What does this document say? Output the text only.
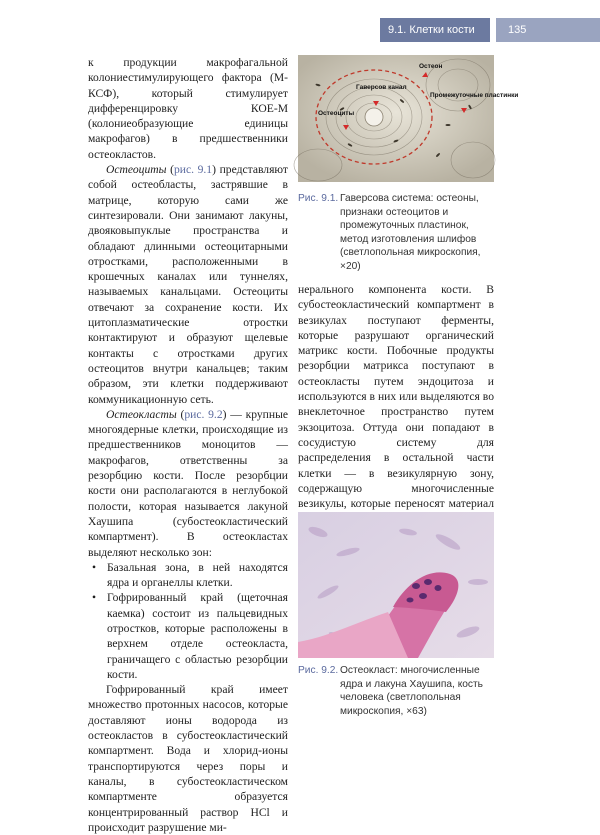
9.1. Клетки кости	135

к продукции макрофагальной колониестимулирующего фактора (М-КСФ), который стимулирует дифференцировку КОЕ-М (колониеобразующие единицы макрофагов) в предшественники остеокластов.

Остеоциты (рис. 9.1) представляют собой остеобласты, застрявшие в матрице, которую сами же синтезировали. Они занимают лакуны, двояковыпуклые пространства и обладают длинными остеоцитарными отростками, расположенными в крошечных каналах или туннелях, называемых канальцами. Остеоциты отвечают за сохранение кости. Их цитоплазматические отростки контактируют и образуют щелевые контакты с отростками других остеоцитов внутри канальцев; таким образом, эти клетки поддерживают коммуникационную сеть.

Остеокласты (рис. 9.2) — крупные многоядерные клетки, происходящие из предшественников моноцитов — макрофагов, ответственны за резорбцию кости. После резорбции кости они располагаются в неглубокой полости, которая называется лакуной Хаушипа (субостеокластический компартмент). В остеокластах выделяют несколько зон:

• Базальная зона, в ней находятся ядра и органеллы клетки.
• Гофрированный край (щеточная каемка) состоит из пальцевидных отростков, которые расположены в верхнем отделе остеокласта, граничащего с областью резорбции кости.

Гофрированный край имеет множество протонных насосов, которые доставляют ионы водорода из остеокластов в субостеокластический компартмент. Вода и хлорид-ионы транспортируются через поры и каналы, в субостеокластическом компартменте образуется концентрированный раствор HCl и происходит разрушение ми-

Остеон
Гаверсов канал
Промежуточные пластинки
Остеоциты
Рис. 9.1. Гаверсова система: остеоны, признаки остеоцитов и промежуточных пластинок, метод изготовления шлифов (светлопольная микроскопия, ×20)

нерального компонента кости. В субостеокластический компартмент в везикулах поступают ферменты, которые разрушают органический матрикс кости. Побочные продукты резорбции матрикса поступают в остеокласты путем эндоцитоза и используются в них или выделяются во внеклеточное пространство путем экзоцитоза. Оттуда они попадают в сосудистую систему для распределения в остальной части клетки — в везикулярную зону, содержащую многочисленные везикулы, которые переносят материал

Рис. 9.2. Остеокласт: многочисленные ядра и лакуна Хаушипа, кость человека (светлопольная микроскопия, ×63)
